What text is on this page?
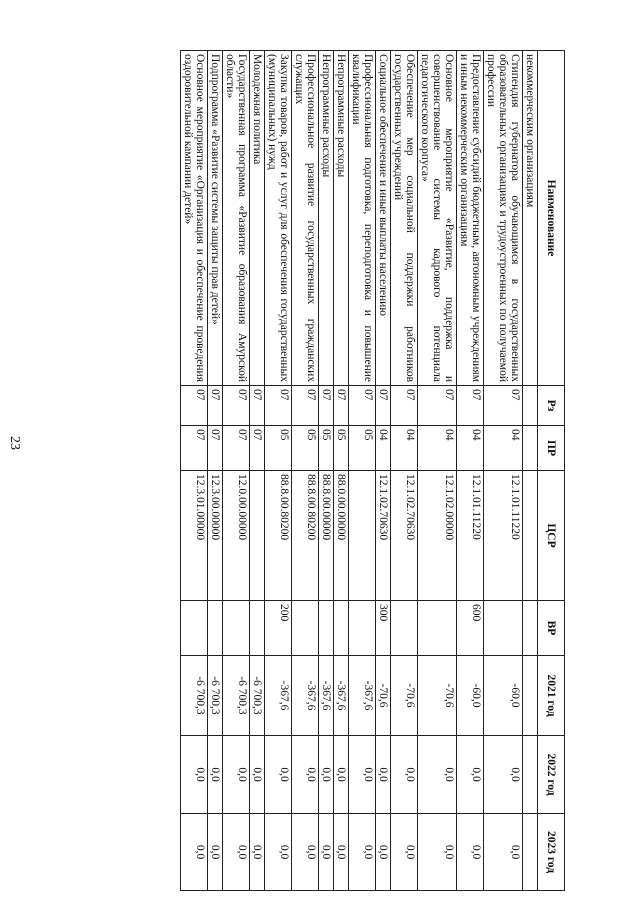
23
Наименование	Рз	ПР	ЦСР	ВР	2021 год	2022 год	2023 год
некоммерческим организациям							
Стипендия губернатора обучающимся в государственных образовательных организациях и трудоустроенных по получаемой профессии	07	04	12.1.01.11220		-60,0	0,0	0,0
Предоставление субсидий бюджетным, автономным учреждениям и иным некоммерческим организациям	07	04	12.1.01.11220	600	-60,0	0,0	0,0
Основное мероприятие «Развитие, поддержка и совершенствование системы кадрового потенциала педагогического корпуса»	07	04	12.1.02.00000		-70,6	0,0	0,0
Обеспечение мер социальной поддержки работников государственных учреждений	07	04	12.1.02.70630		-70,6	0,0	0,0
Социальное обеспечение и иные выплаты населению	07	04	12.1.02.70630	300	-70,6	0,0	0,0
Профессиональная подготовка, переподготовка и повышение квалификации	07	05			-367,6	0,0	0,0
Непрограммные расходы	07	05	88.0.00.00000		-367,6	0,0	0,0
Непрограммные расходы	07	05	88.8.00.00000		-367,6	0,0	0,0
Профессиональное развитие государственных гражданских служащих	07	05	88.8.00.80200		-367,6	0,0	0,0
Закупка товаров, работ и услуг для обеспечения государственных (муниципальных) нужд	07	05	88.8.00.80200	200	-367,6	0,0	0,0
Молодежная политика	07	07			-6 700,3	0,0	0,0
Государственная программа «Развитие образования Амурской области»	07	07	12.0.00.00000		-6 700,3	0,0	0,0
Подпрограмма «Развитие системы защиты прав детей»	07	07	12.3.00.00000		-6 700,3	0,0	0,0
Основное мероприятие «Организация и обеспечение проведения оздоровительной кампании детей»	07	07	12.3.01.00000		-6 700,3	0,0	0,0
